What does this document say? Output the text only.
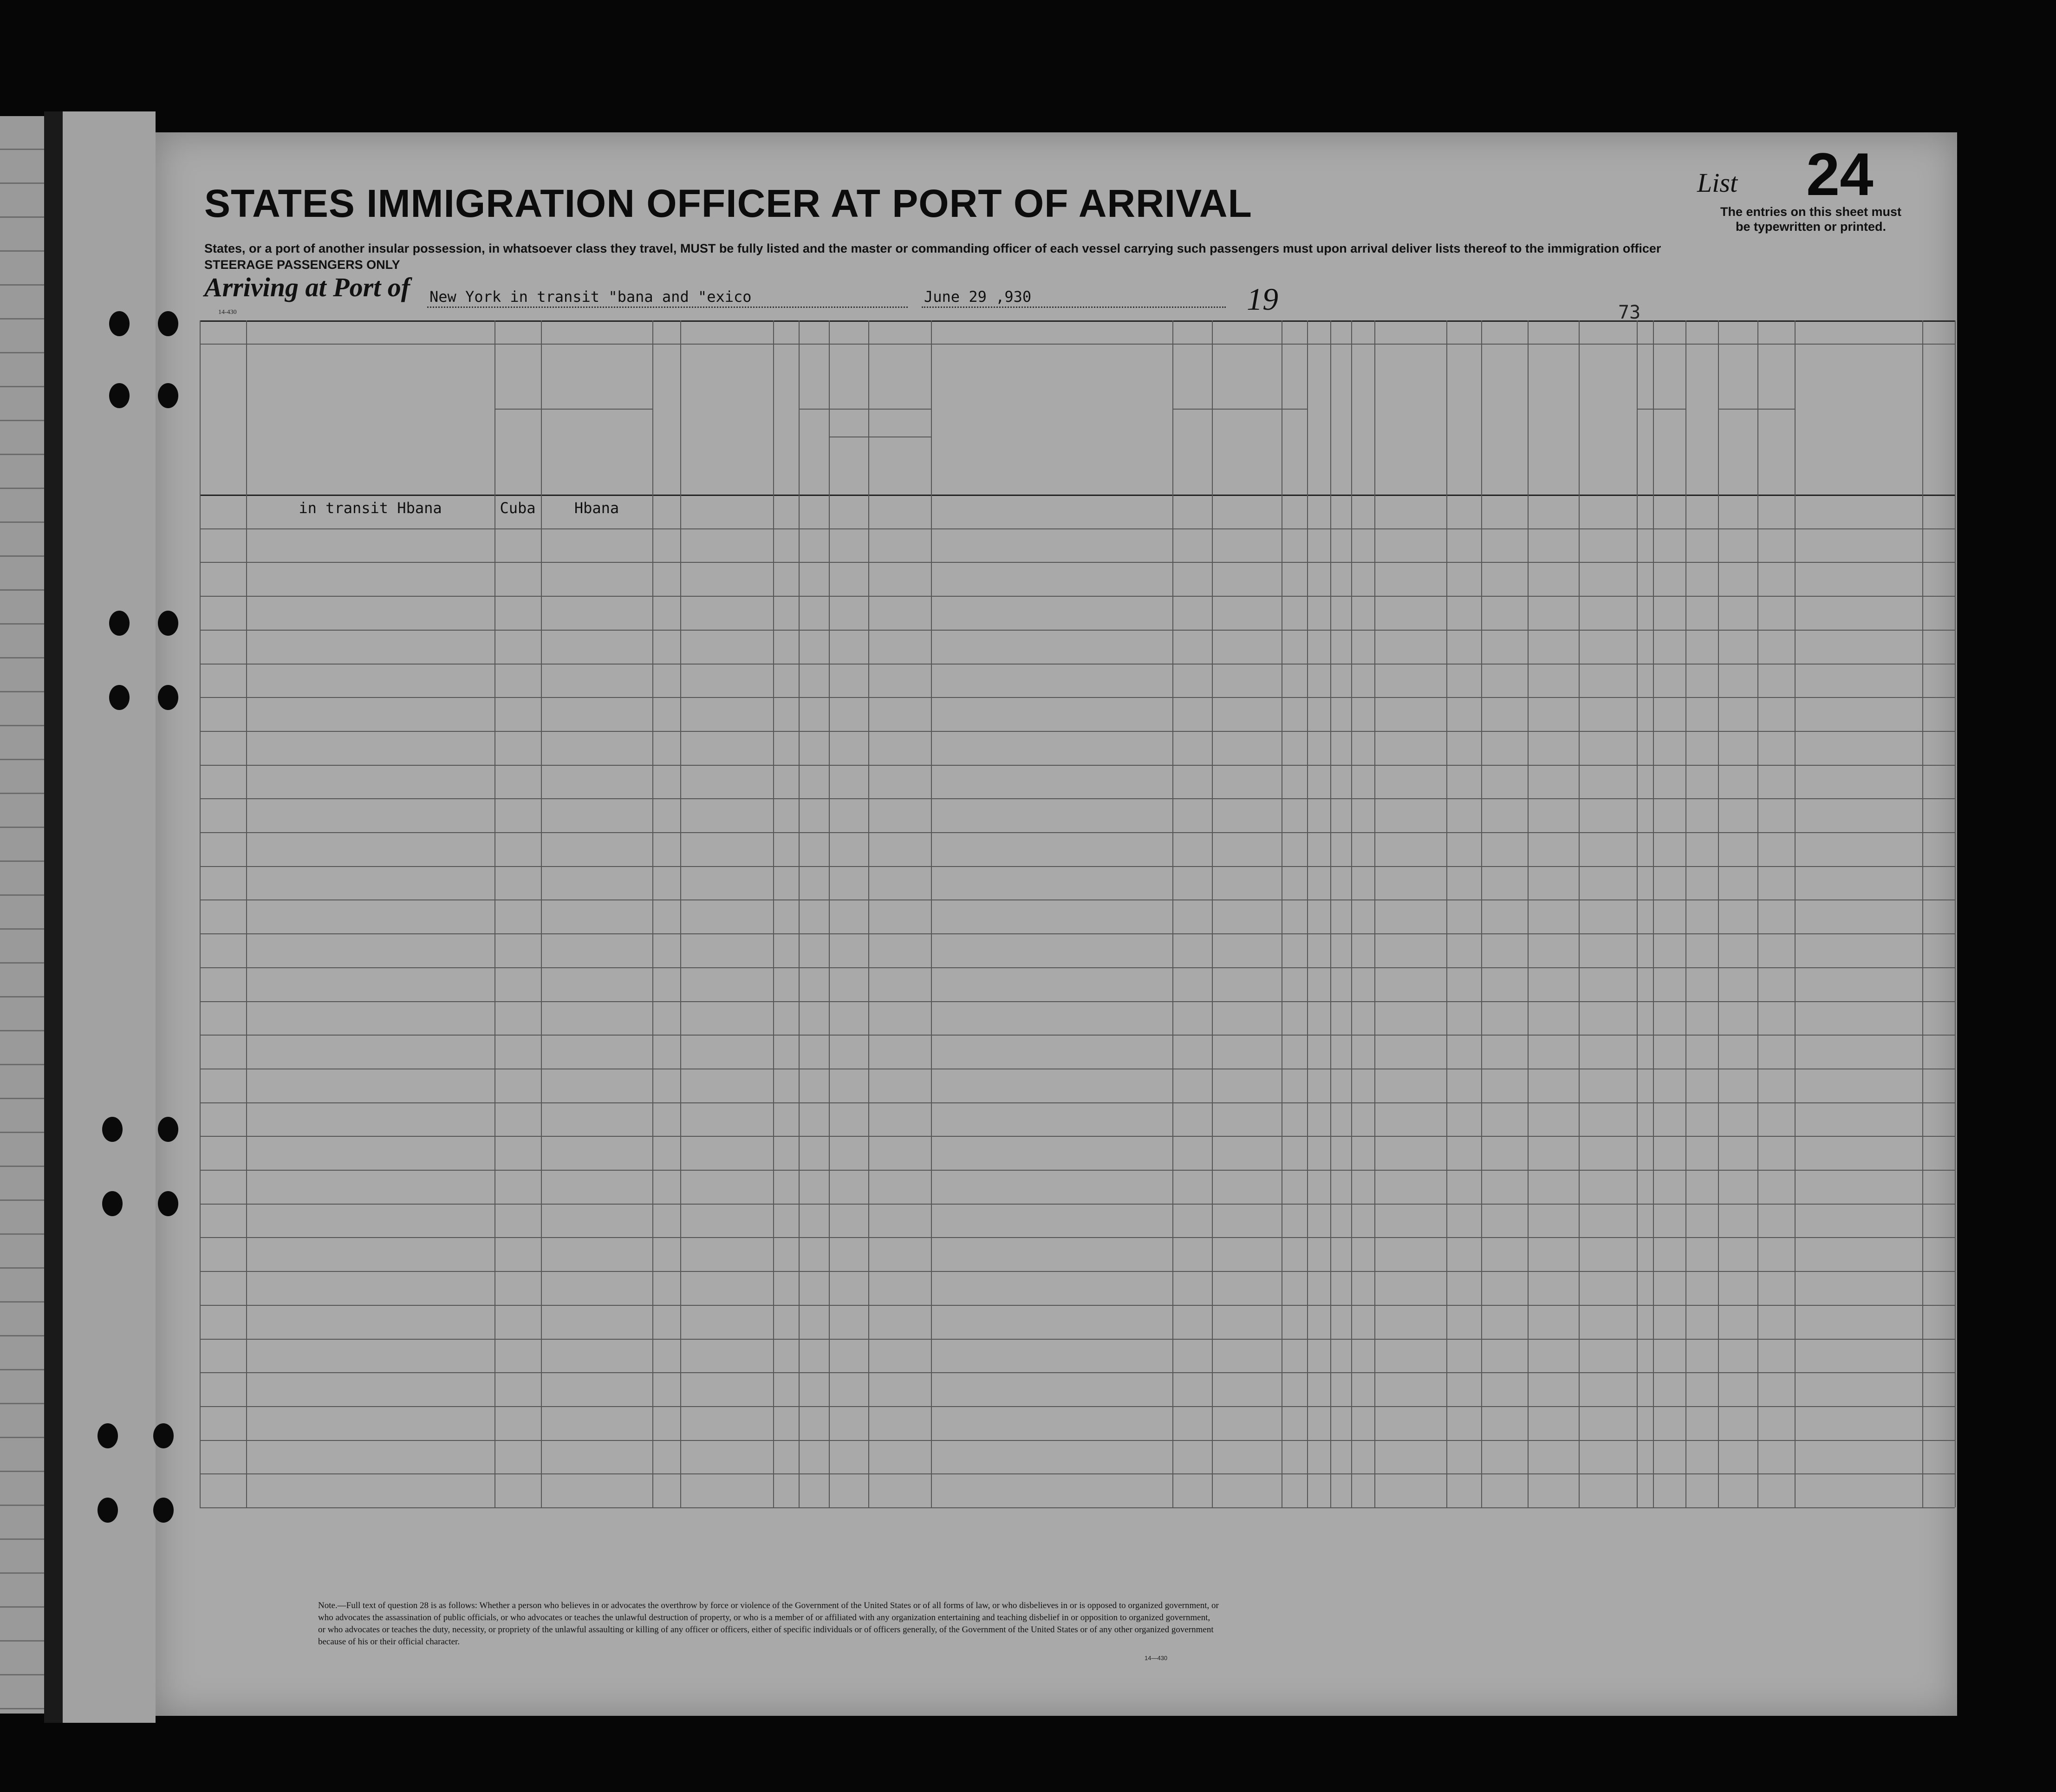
STATES IMMIGRATION OFFICER AT PORT OF ARRIVAL
States, or a port of another insular possession, in whatsoever class they travel, MUST be fully listed and the master or commanding officer of each vessel carrying such passengers must upon arrival deliver lists thereof to the immigration officer
STEERAGE PASSENGERS ONLY
Arriving at Port of New York in transit "bana and "exico	June 29 ,930	19
List 24
The entries on this sheet must
be typewritten or printed.
73
14-430
in transit Hbana	Cuba	Hbana
Note.—Full text of question 28 is as follows: Whether a person who believes in or advocates the overthrow by force or violence of the Government of the United States or of all forms of law, or who disbelieves in or is opposed to organized government, or who advocates the assassination of public officials, or who advocates or teaches the unlawful destruction of property, or who is a member of or affiliated with any organization entertaining and teaching disbelief in or opposition to organized government, or who advocates or teaches the duty, necessity, or propriety of the unlawful assaulting or killing of any officer or officers, either of specific individuals or of officers generally, of the Government of the United States or of any other organized government because of his or their official character.
14—430
